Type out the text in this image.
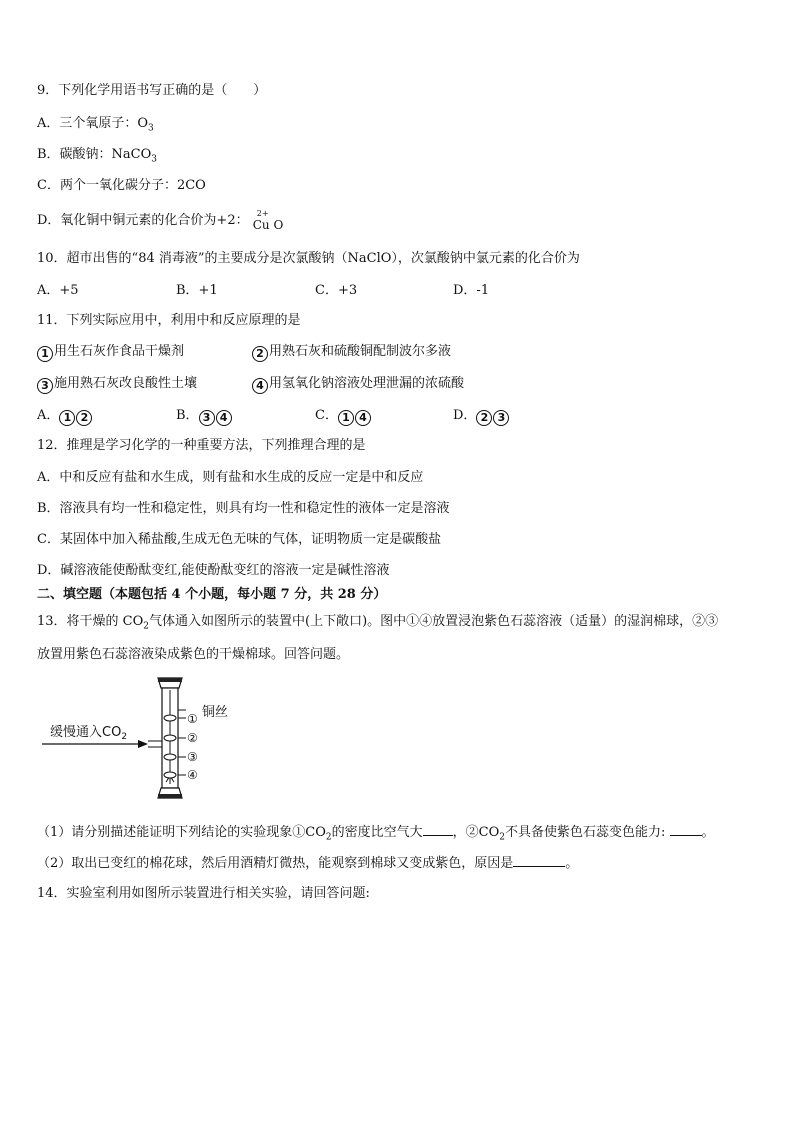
9．下列化学用语书写正确的是（　　）
A．三个氧原子：$O_3$
B．碳酸钠：NaCO$_3$
C．两个一氧化碳分子：2CO
D．氧化铜中铜元素的化合价为+2： 2+
Cu O
10．超市出售的“84 消毒液”的主要成分是次氯酸钠（NaClO），次氯酸钠中氯元素的化合价为
A．+5	B．+1	C．+3	D．-1
11．下列实际应用中，利用中和反应原理的是
1 用生石灰作食品干燥剂	2 用熟石灰和硫酸铜配制波尔多液
3 施用熟石灰改良酸性土壤	4 用氢氧化钠溶液处理泄漏的浓硫酸
A． 1 2	B． 3 4	C． 1 4	D． 2 3
12．推理是学习化学的一种重要方法，下列推理合理的是
A．中和反应有盐和水生成，则有盐和水生成的反应一定是中和反应
B．溶液具有均一性和稳定性，则具有均一性和稳定性的液体一定是溶液
C．某固体中加入稀盐酸,生成无色无味的气体，证明物质一定是碳酸盐
D．碱溶液能使酚酞变红,能使酚酞变红的溶液一定是碱性溶液
二、填空题（本题包括 4 个小题，每小题 7 分，共 28 分）
13．将干燥的 $CO_2$气体通入如图所示的装置中(上下敞口)。图中①④放置浸泡紫色石蕊溶液（适量）的湿润棉球，②③
放置用紫色石蕊溶液染成紫色的干燥棉球。回答问题。
缓慢通入$CO_2$
铜丝
①
②
③
④
（1）请分别描述能证明下列结论的实验现象$①CO_2$的密度比空气大 ，$②CO_2$不具备使紫色石蕊变色能力:	。
（2）取出已变红的棉花球，然后用酒精灯微热，能观察到棉球又变成紫色，原因是	。
14．实验室利用如图所示装置进行相关实验，请回答问题:
